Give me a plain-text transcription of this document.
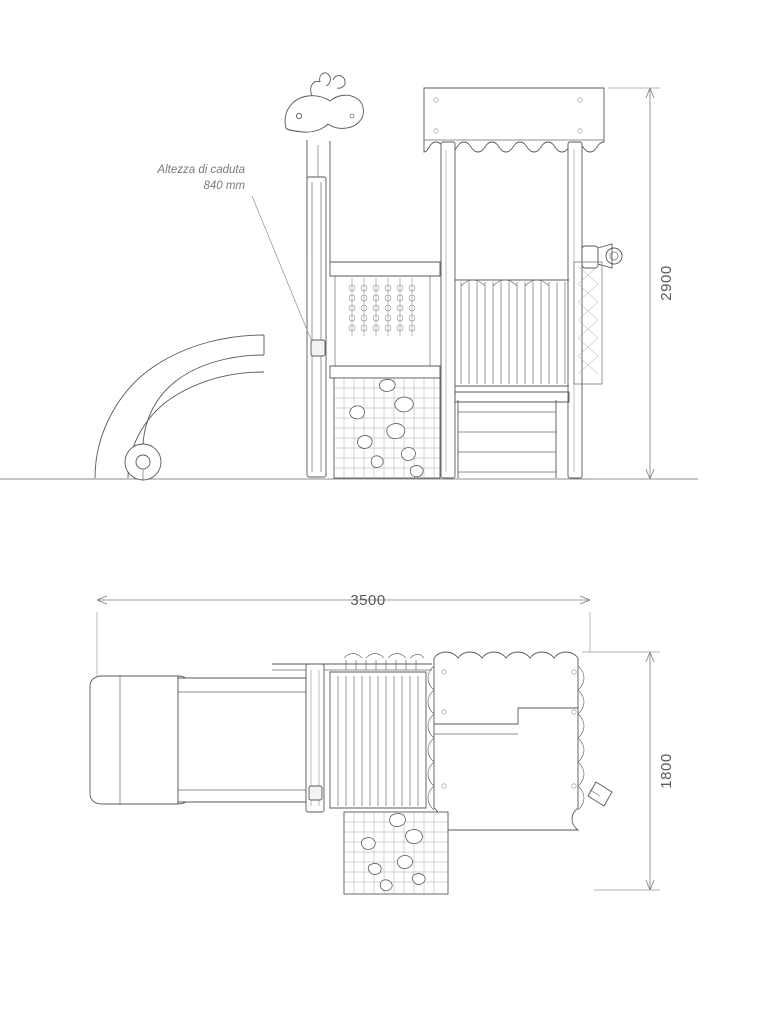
Altezza di caduta
840 mm
2900
3500
1800
